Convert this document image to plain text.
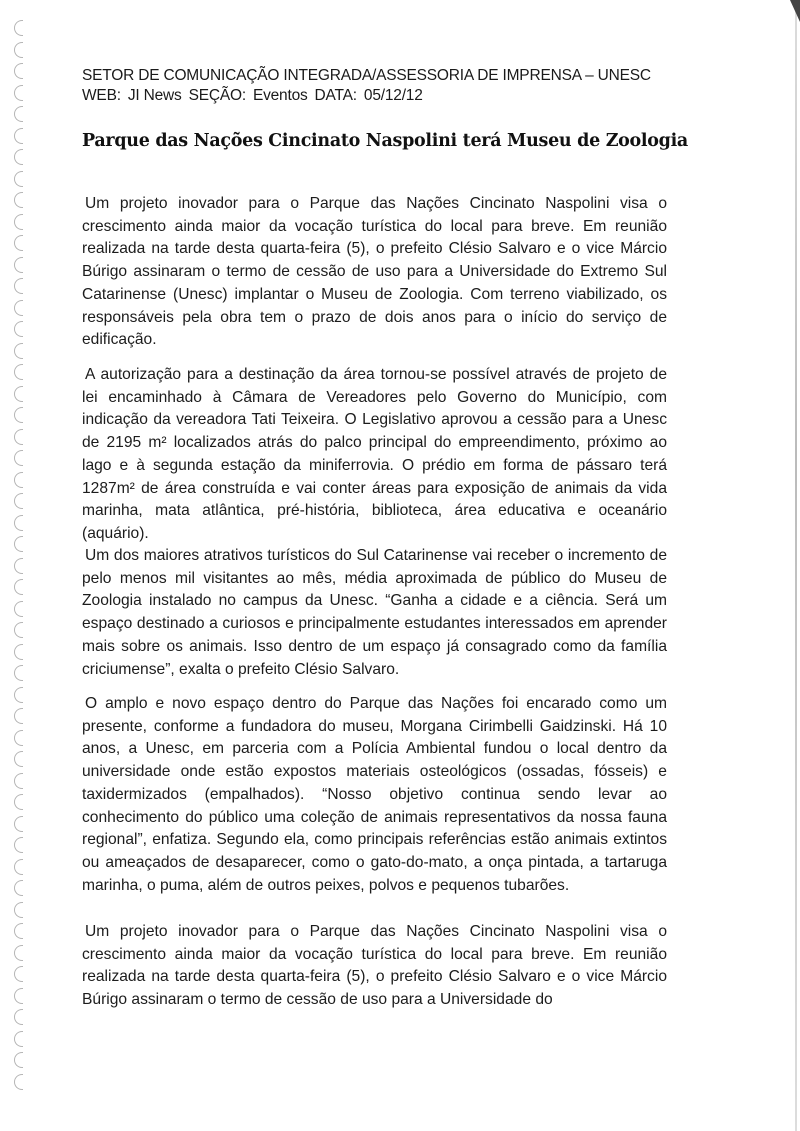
SETOR DE COMUNICAÇÃO INTEGRADA/ASSESSORIA DE IMPRENSA – UNESC
WEB: JI News SEÇÃO: Eventos DATA: 05/12/12
Parque das Nações Cincinato Naspolini terá Museu de Zoologia

Um projeto inovador para o Parque das Nações Cincinato Naspolini visa o crescimento ainda maior da vocação turística do local para breve. Em reunião realizada na tarde desta quarta-feira (5), o prefeito Clésio Salvaro e o vice Márcio Búrigo assinaram o termo de cessão de uso para a Universidade do Extremo Sul Catarinense (Unesc) implantar o Museu de Zoologia. Com terreno viabilizado, os responsáveis pela obra tem o prazo de dois anos para o início do serviço de edificação.

A autorização para a destinação da área tornou-se possível através de projeto de lei encaminhado à Câmara de Vereadores pelo Governo do Município, com indicação da vereadora Tati Teixeira. O Legislativo aprovou a cessão para a Unesc de 2195 m² localizados atrás do palco principal do empreendimento, próximo ao lago e à segunda estação da miniferrovia. O prédio em forma de pássaro terá 1287m² de área construída e vai conter áreas para exposição de animais da vida marinha, mata atlântica, pré-história, biblioteca, área educativa e oceanário (aquário).

Um dos maiores atrativos turísticos do Sul Catarinense vai receber o incremento de pelo menos mil visitantes ao mês, média aproximada de público do Museu de Zoologia instalado no campus da Unesc. “Ganha a cidade e a ciência. Será um espaço destinado a curiosos e principalmente estudantes interessados em aprender mais sobre os animais. Isso dentro de um espaço já consagrado como da família criciumense”, exalta o prefeito Clésio Salvaro.

O amplo e novo espaço dentro do Parque das Nações foi encarado como um presente, conforme a fundadora do museu, Morgana Cirimbelli Gaidzinski. Há 10 anos, a Unesc, em parceria com a Polícia Ambiental fundou o local dentro da universidade onde estão expostos materiais osteológicos (ossadas, fósseis) e taxidermizados (empalhados). “Nosso objetivo continua sendo levar ao conhecimento do público uma coleção de animais representativos da nossa fauna regional”, enfatiza. Segundo ela, como principais referências estão animais extintos ou ameaçados de desaparecer, como o gato-do-mato, a onça pintada, a tartaruga marinha, o puma, além de outros peixes, polvos e pequenos tubarões.

Um projeto inovador para o Parque das Nações Cincinato Naspolini visa o crescimento ainda maior da vocação turística do local para breve. Em reunião realizada na tarde desta quarta-feira (5), o prefeito Clésio Salvaro e o vice Márcio Búrigo assinaram o termo de cessão de uso para a Universidade do
